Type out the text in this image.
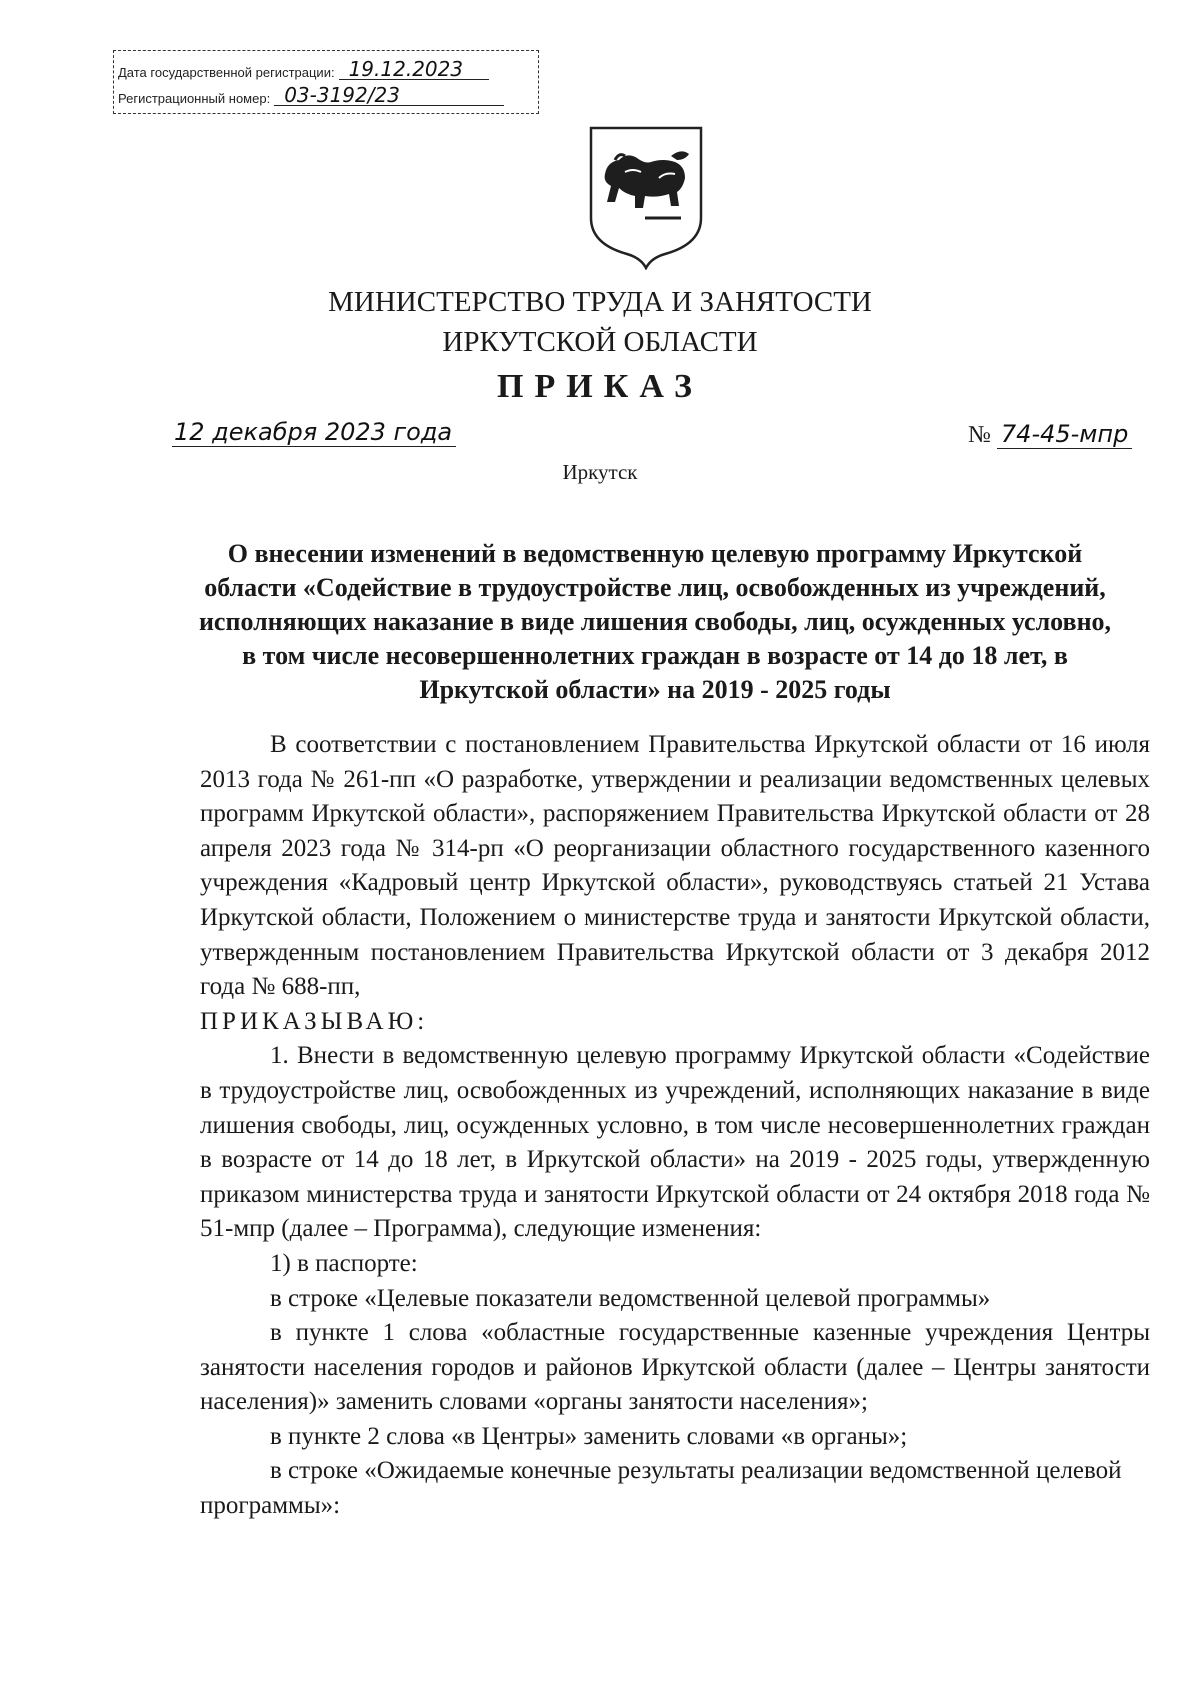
Дата государственной регистрации: 19.12.2023
Регистрационный номер: 03-3192/23
МИНИСТЕРСТВО ТРУДА И ЗАНЯТОСТИ
ИРКУТСКОЙ ОБЛАСТИ
ПРИКАЗ
12 декабря 2023 года	№ 74-45-мпр
Иркутск
О внесении изменений в ведомственную целевую программу Иркутской области «Содействие в трудоустройстве лиц, освобожденных из учреждений, исполняющих наказание в виде лишения свободы, лиц, осужденных условно, в том числе несовершеннолетних граждан в возрасте от 14 до 18 лет, в Иркутской области» на 2019 - 2025 годы

В соответствии с постановлением Правительства Иркутской области от 16 июля 2013 года № 261-пп «О разработке, утверждении и реализации ведомственных целевых программ Иркутской области», распоряжением Правительства Иркутской области от 28 апреля 2023 года № 314-рп «О реорганизации областного государственного казенного учреждения «Кадровый центр Иркутской области», руководствуясь статьей 21 Устава Иркутской области, Положением о министерстве труда и занятости Иркутской области, утвержденным постановлением Правительства Иркутской области от 3 декабря 2012 года № 688-пп,

ПРИКАЗЫВАЮ:

1. Внести в ведомственную целевую программу Иркутской области «Содействие в трудоустройстве лиц, освобожденных из учреждений, исполняющих наказание в виде лишения свободы, лиц, осужденных условно, в том числе несовершеннолетних граждан в возрасте от 14 до 18 лет, в Иркутской области» на 2019 - 2025 годы, утвержденную приказом министерства труда и занятости Иркутской области от 24 октября 2018 года № 51-мпр (далее – Программа), следующие изменения:

1) в паспорте:

в строке «Целевые показатели ведомственной целевой программы»

в пункте 1 слова «областные государственные казенные учреждения Центры занятости населения городов и районов Иркутской области (далее – Центры занятости населения)» заменить словами «органы занятости населения»;

в пункте 2 слова «в Центры» заменить словами «в органы»;

в строке «Ожидаемые конечные результаты реализации ведомственной целевой программы»:
